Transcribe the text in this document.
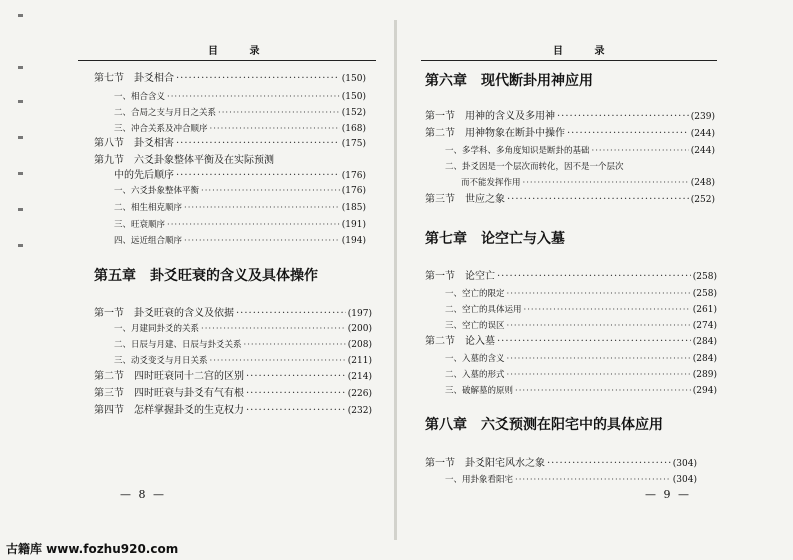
目 录
第七节　卦爻相合 ·····	(150)
一、相合含义 ·····	(150)
二、合局之支与月日之关系 ·····	(152)
三、冲合关系及冲合顺序 ·····	(168)
第八节　卦爻相害 ·····	(175)
第九节　六爻卦象整体平衡及在实际预测
中的先后顺序 ·····	(176)
一、六爻卦象整体平衡 ·····	(176)
二、相生相克顺序 ·····	(185)
三、旺衰顺序 ·····	(191)
四、远近组合顺序 ·····	(194)
第五章　卦爻旺衰的含义及具体操作
第一节　卦爻旺衰的含义及依据 ·····	(197)
一、月建同卦爻的关系 ·····	(200)
二、日辰与月建、日辰与卦爻关系 ·····	(208)
三、动爻变爻与月日关系 ·····	(211)
第二节　四时旺衰同十二宫的区别 ·····	(214)
第三节　四时旺衰与卦爻有气有根 ·····	(226)
第四节　怎样掌握卦爻的生克权力 ·····	(232)
— 8 —
目 录
第六章　现代断卦用神应用
第一节　用神的含义及多用神 ·····	(239)
第二节　用神物象在断卦中操作 ·····	(244)
一、多学科、多角度知识是断卦的基础 ·····	(244)
二、卦爻因是一个层次而转化，因不是一个层次
而不能发挥作用 ·····	(248)
第三节　世应之象 ·····	(252)
第七章　论空亡与入墓
第一节　论空亡 ·····	(258)
一、空亡的限定 ·····	(258)
二、空亡的具体运用 ·····	(261)
三、空亡的误区 ·····	(274)
第二节　论入墓 ·····	(284)
一、入墓的含义 ·····	(284)
二、入墓的形式 ·····	(289)
三、破解墓的原则 ·····	(294)
第八章　六爻预测在阳宅中的具体应用
第一节　卦爻阳宅风水之象 ·····	(304)
一、用卦象看阳宅 ·····	(304)
— 9 —
古籍库 www.fozhu920.com
